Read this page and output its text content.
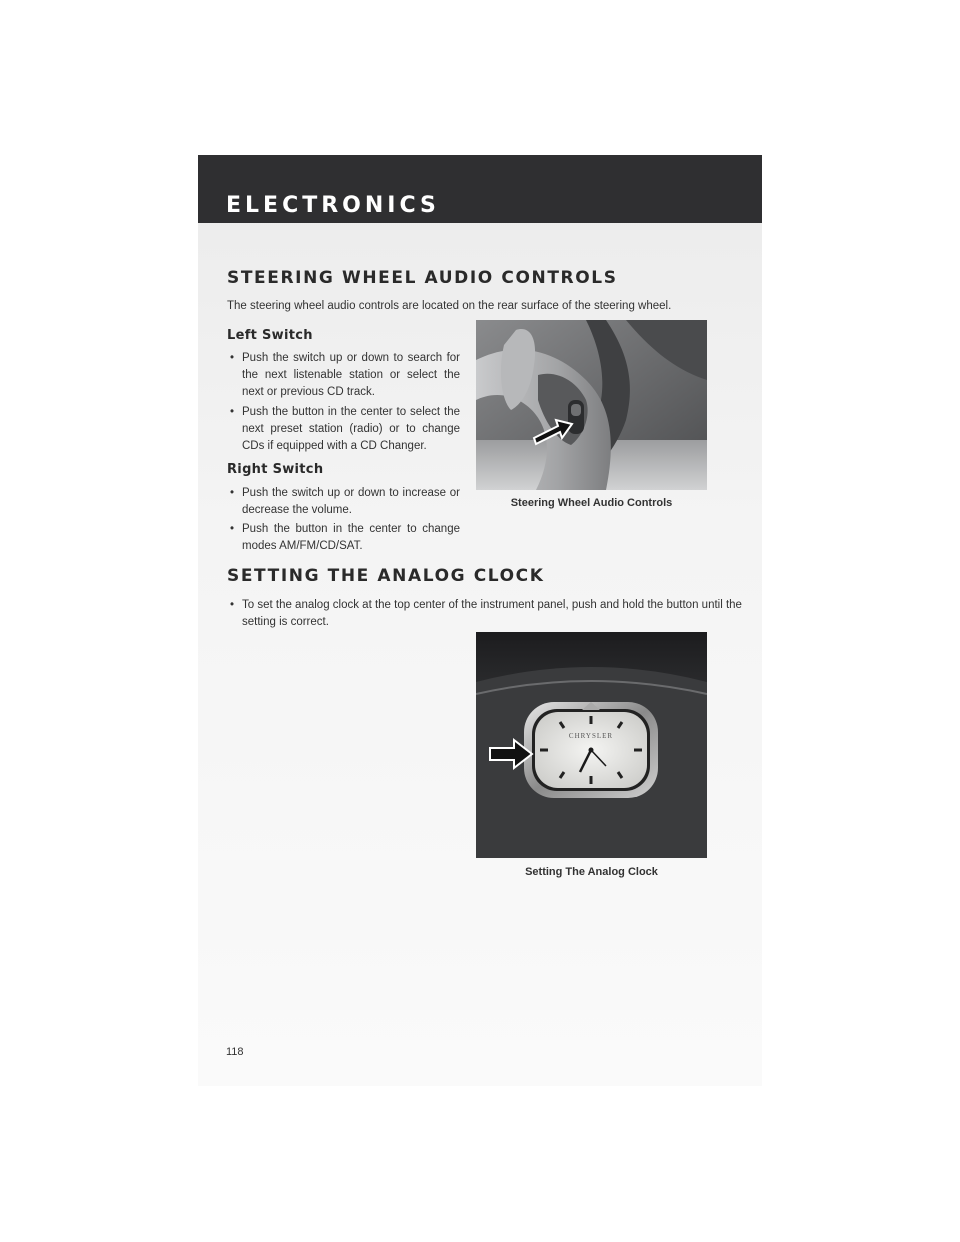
ELECTRONICS
STEERING WHEEL AUDIO CONTROLS
The steering wheel audio controls are located on the rear surface of the steering wheel.
Left Switch
• Push the switch up or down to search for the next listenable station or select the next or previous CD track.
• Push the button in the center to select the next preset station (radio) or to change CDs if equipped with a CD Changer.
Right Switch
• Push the switch up or down to increase or decrease the volume.
• Push the button in the center to change modes AM/FM/CD/SAT.
Steering Wheel Audio Controls
SETTING THE ANALOG CLOCK
• To set the analog clock at the top center of the instrument panel, push and hold the button until the setting is correct.
CHRYSLER
Setting The Analog Clock
118
